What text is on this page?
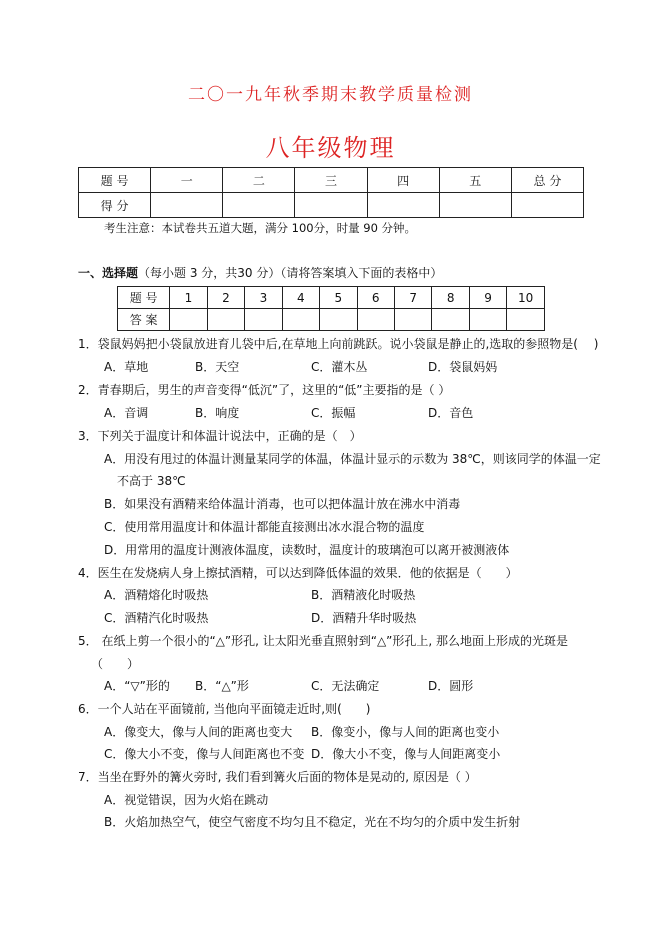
二〇一九年秋季期末教学质量检测
八年级物理
题 号	一	二	三	四	五	总 分
得 分						
考生注意：本试卷共五道大题，满分 100分，时量 90 分钟。
一、选择题（每小题 3 分，共30 分）（请将答案填入下面的表格中）
题 号	1	2	3	4	5	6	7	8	9	10
答 案										
1．袋鼠妈妈把小袋鼠放进育儿袋中后,在草地上向前跳跃。说小袋鼠是静止的,选取的参照物是(　 )
A．草地	B．天空	C．灌木丛	D．袋鼠妈妈
2．青春期后，男生的声音变得“低沉”了，这里的“低”主要指的是（ ）
A．音调	B．响度	C．振幅	D．音色
3．下列关于温度计和体温计说法中，正确的是（　）
A．用没有甩过的体温计测量某同学的体温，体温计显示的示数为 38℃，则该同学的体温一定
不高于 38℃
B．如果没有酒精来给体温计消毒，也可以把体温计放在沸水中消毒
C．使用常用温度计和体温计都能直接测出冰水混合物的温度
D．用常用的温度计测液体温度，读数时，温度计的玻璃泡可以离开被测液体
4．医生在发烧病人身上擦拭酒精，可以达到降低体温的效果．他的依据是（　　）
A．酒精熔化时吸热	B．酒精液化时吸热
C．酒精汽化时吸热	D．酒精升华时吸热
5． 在纸上剪一个很小的“△”形孔, 让太阳光垂直照射到“△”形孔上, 那么地面上形成的光斑是
（　　）
A．“▽”形的 B．“△”形	C．无法确定	D．圆形
6．一个人站在平面镜前, 当他向平面镜走近时,则(　　)
A．像变大，像与人间的距离也变大 B．像变小，像与人间的距离也变小
C．像大小不变，像与人间距离也不变 D．像大小不变，像与人间距离变小
7．当坐在野外的篝火旁时, 我们看到篝火后面的物体是晃动的, 原因是（ ）
A．视觉错误，因为火焰在跳动
B．火焰加热空气，使空气密度不均匀且不稳定，光在不均匀的介质中发生折射
